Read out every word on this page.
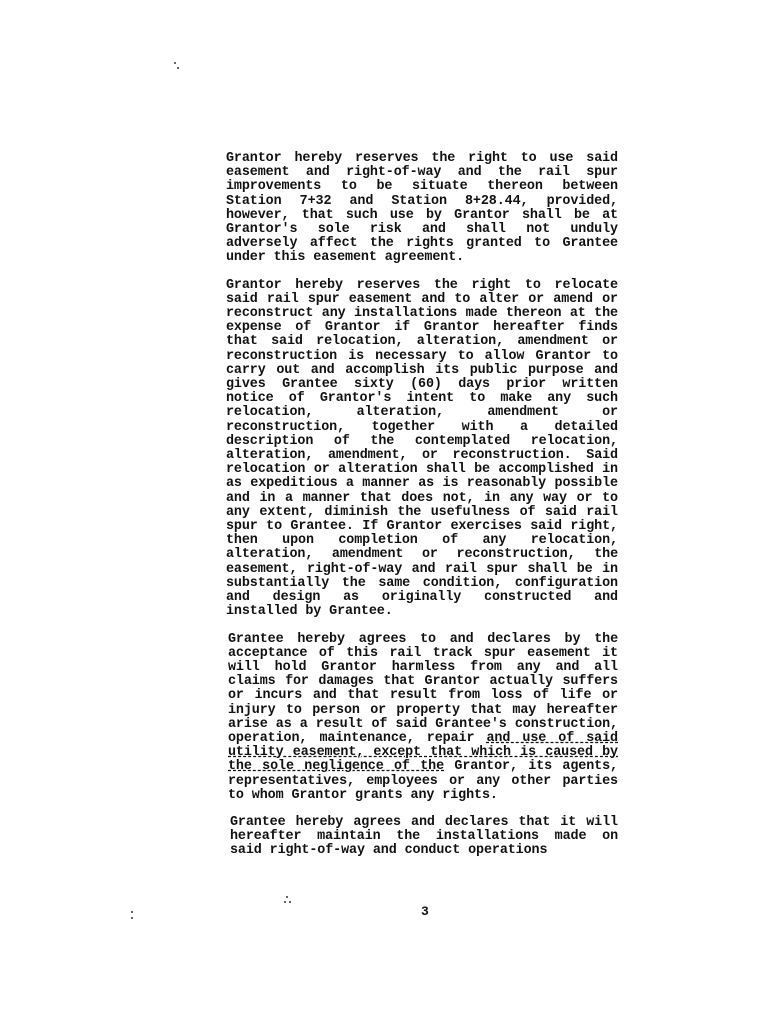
Grantor hereby reserves the right to use said easement and right-of-way and the rail spur improvements to be situate thereon between Station 7+32 and Station 8+28.44, provided, however, that such use by Grantor shall be at Grantor's sole risk and shall not unduly adversely affect the rights granted to Grantee under this easement agreement.

Grantor hereby reserves the right to relocate said rail spur easement and to alter or amend or reconstruct any installations made thereon at the expense of Grantor if Grantor hereafter finds that said relocation, alteration, amendment or reconstruction is necessary to allow Grantor to carry out and accomplish its public purpose and gives Grantee sixty (60) days prior written notice of Grantor's intent to make any such relocation, alteration, amendment or reconstruction, together with a detailed description of the contemplated relocation, alteration, amendment, or reconstruction. Said relocation or alteration shall be accomplished in as expeditious a manner as is reasonably possible and in a manner that does not, in any way or to any extent, diminish the usefulness of said rail spur to Grantee. If Grantor exercises said right, then upon completion of any relocation, alteration, amendment or reconstruction, the easement, right-of-way and rail spur shall be in substantially the same condition, configuration and design as originally constructed and installed by Grantee.

Grantee hereby agrees to and declares by the acceptance of this rail track spur easement it will hold Grantor harmless from any and all claims for damages that Grantor actually suffers or incurs and that result from loss of life or injury to person or property that may hereafter arise as a result of said Grantee's construction, operation, maintenance, repair and use of said utility easement, except that which is caused by the sole negligence of the Grantor, its agents, representatives, employees or any other parties to whom Grantor grants any rights.

Grantee hereby agrees and declares that it will hereafter maintain the installations made on said right-of-way and conduct operations

3
